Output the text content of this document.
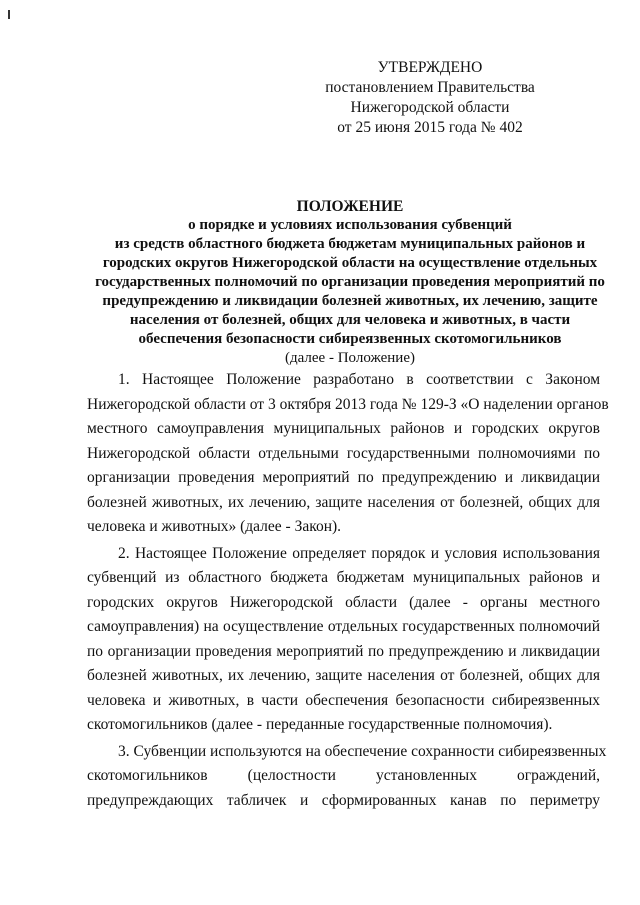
УТВЕРЖДЕНО
постановлением Правительства
Нижегородской области
от 25 июня 2015 года № 402
ПОЛОЖЕНИЕ
о порядке и условиях использования субвенций
из средств областного бюджета бюджетам муниципальных районов и
городских округов Нижегородской области на осуществление отдельных
государственных полномочий по организации проведения мероприятий по
предупреждению и ликвидации болезней животных, их лечению, защите
населения от болезней, общих для человека и животных, в части
обеспечения безопасности сибиреязвенных скотомогильников
(далее - Положение)
1. Настоящее Положение разработано в соответствии с Законом
Нижегородской области от 3 октября 2013 года № 129-З «О наделении органов
местного самоуправления муниципальных районов и городских округов
Нижегородской области отдельными государственными полномочиями по
организации проведения мероприятий по предупреждению и ликвидации
болезней животных, их лечению, защите населения от болезней, общих для
человека и животных» (далее - Закон).
2. Настоящее Положение определяет порядок и условия использования
субвенций из областного бюджета бюджетам муниципальных районов и
городских округов Нижегородской области (далее - органы местного
самоуправления) на осуществление отдельных государственных полномочий
по организации проведения мероприятий по предупреждению и ликвидации
болезней животных, их лечению, защите населения от болезней, общих для
человека и животных, в части обеспечения безопасности сибиреязвенных
скотомогильников (далее - переданные государственные полномочия).
3. Субвенции используются на обеспечение сохранности сибиреязвенных
скотомогильников (целостности установленных ограждений,
предупреждающих табличек и сформированных канав по периметру
